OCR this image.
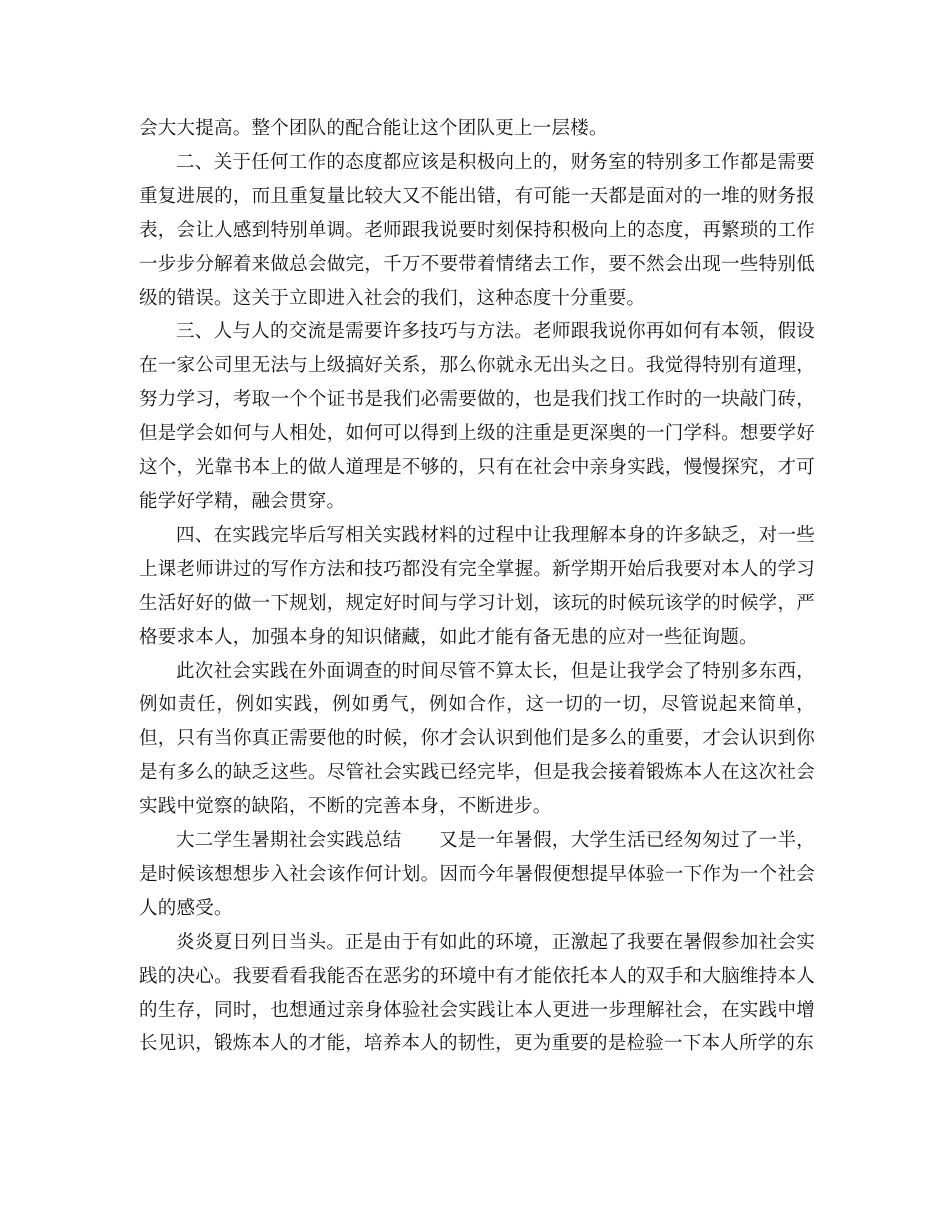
会大大提高。整个团队的配合能让这个团队更上一层楼。

二、关于任何工作的态度都应该是积极向上的，财务室的特别多工作都是需要重复进展的，而且重复量比较大又不能出错，有可能一天都是面对的一堆的财务报表，会让人感到特别单调。老师跟我说要时刻保持积极向上的态度，再繁琐的工作一步步分解着来做总会做完，千万不要带着情绪去工作，要不然会出现一些特别低级的错误。这关于立即进入社会的我们，这种态度十分重要。

三、人与人的交流是需要许多技巧与方法。老师跟我说你再如何有本领，假设在一家公司里无法与上级搞好关系，那么你就永无出头之日。我觉得特别有道理，努力学习，考取一个个证书是我们必需要做的，也是我们找工作时的一块敲门砖，但是学会如何与人相处，如何可以得到上级的注重是更深奥的一门学科。想要学好这个，光靠书本上的做人道理是不够的，只有在社会中亲身实践，慢慢探究，才可能学好学精，融会贯穿。

四、在实践完毕后写相关实践材料的过程中让我理解本身的许多缺乏，对一些上课老师讲过的写作方法和技巧都没有完全掌握。新学期开始后我要对本人的学习生活好好的做一下规划，规定好时间与学习计划，该玩的时候玩该学的时候学，严格要求本人，加强本身的知识储藏，如此才能有备无患的应对一些征询题。

此次社会实践在外面调查的时间尽管不算太长，但是让我学会了特别多东西，例如责任，例如实践，例如勇气，例如合作，这一切的一切，尽管说起来简单，但，只有当你真正需要他的时候，你才会认识到他们是多么的重要，才会认识到你是有多么的缺乏这些。尽管社会实践已经完毕，但是我会接着锻炼本人在这次社会实践中觉察的缺陷，不断的完善本身，不断进步。

大二学生暑期社会实践总结　　又是一年暑假，大学生活已经匆匆过了一半，是时候该想想步入社会该作何计划。因而今年暑假便想提早体验一下作为一个社会人的感受。

炎炎夏日列日当头。正是由于有如此的环境，正激起了我要在暑假参加社会实践的决心。我要看看我能否在恶劣的环境中有才能依托本人的双手和大脑维持本人的生存，同时，也想通过亲身体验社会实践让本人更进一步理解社会，在实践中增长见识，锻炼本人的才能，培养本人的韧性，更为重要的是检验一下本人所学的东
